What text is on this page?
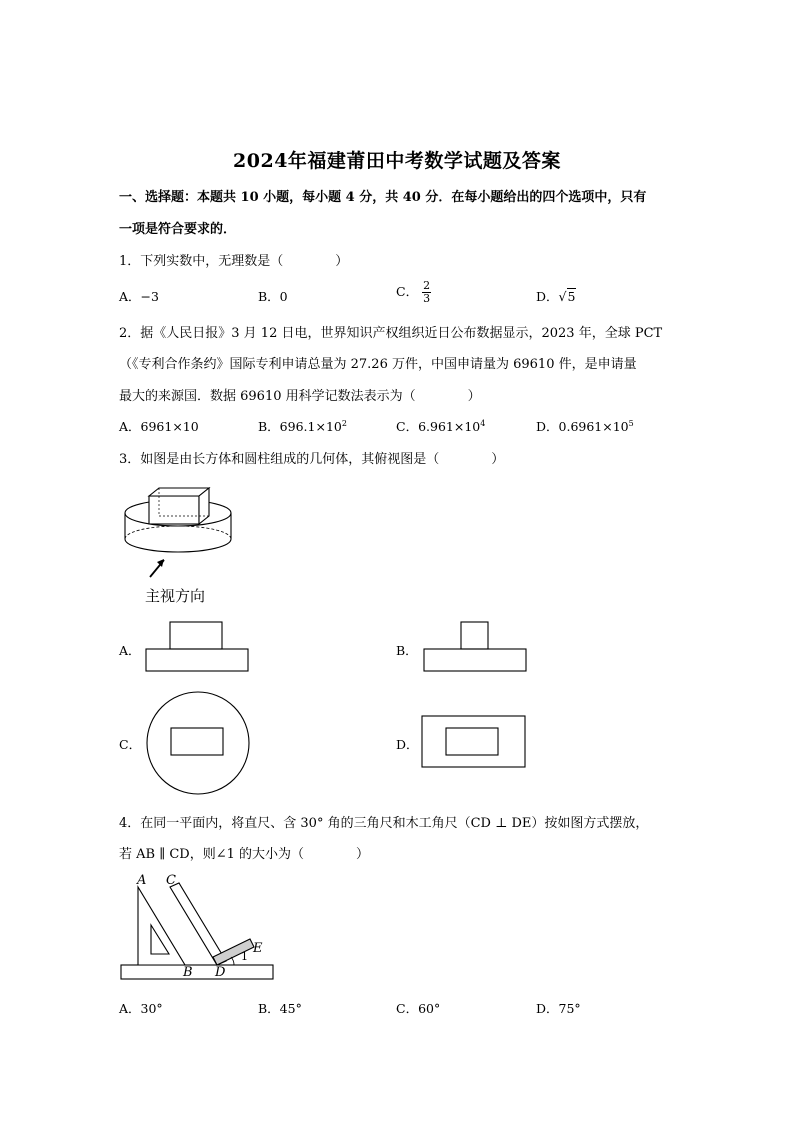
2024年福建莆田中考数学试题及答案
一、选择题：本题共 10 小题，每小题 4 分，共 40 分．在每小题给出的四个选项中，只有
一项是符合要求的．
1．下列实数中，无理数是（　　　　）
A．−3	B．0	C． $\frac{2}{3}$	D．√5
2．据《人民日报》3 月 12 日电，世界知识产权组织近日公布数据显示，2023 年，全球 PCT
（《专利合作条约》国际专利申请总量为 27.26 万件，中国申请量为 69610 件，是申请量
最大的来源国．数据 69610 用科学记数法表示为（　　　　）
A．6961×10	B．$696.1\times 10^2$	C．$6.961\times 10^4$	D．$0.6961\times 10^5$
3．如图是由长方体和圆柱组成的几何体，其俯视图是（　　　　）
主视方向
A．	B．
C．	D．
4．在同一平面内，将直尺、含 30° 角的三角尺和木工角尺（CD ⊥ DE）按如图方式摆放，
若 AB ∥ CD，则∠1 的大小为（　　　　）
A C
E
1
B D
A．30°	B．45°	C．60°	D．75°
